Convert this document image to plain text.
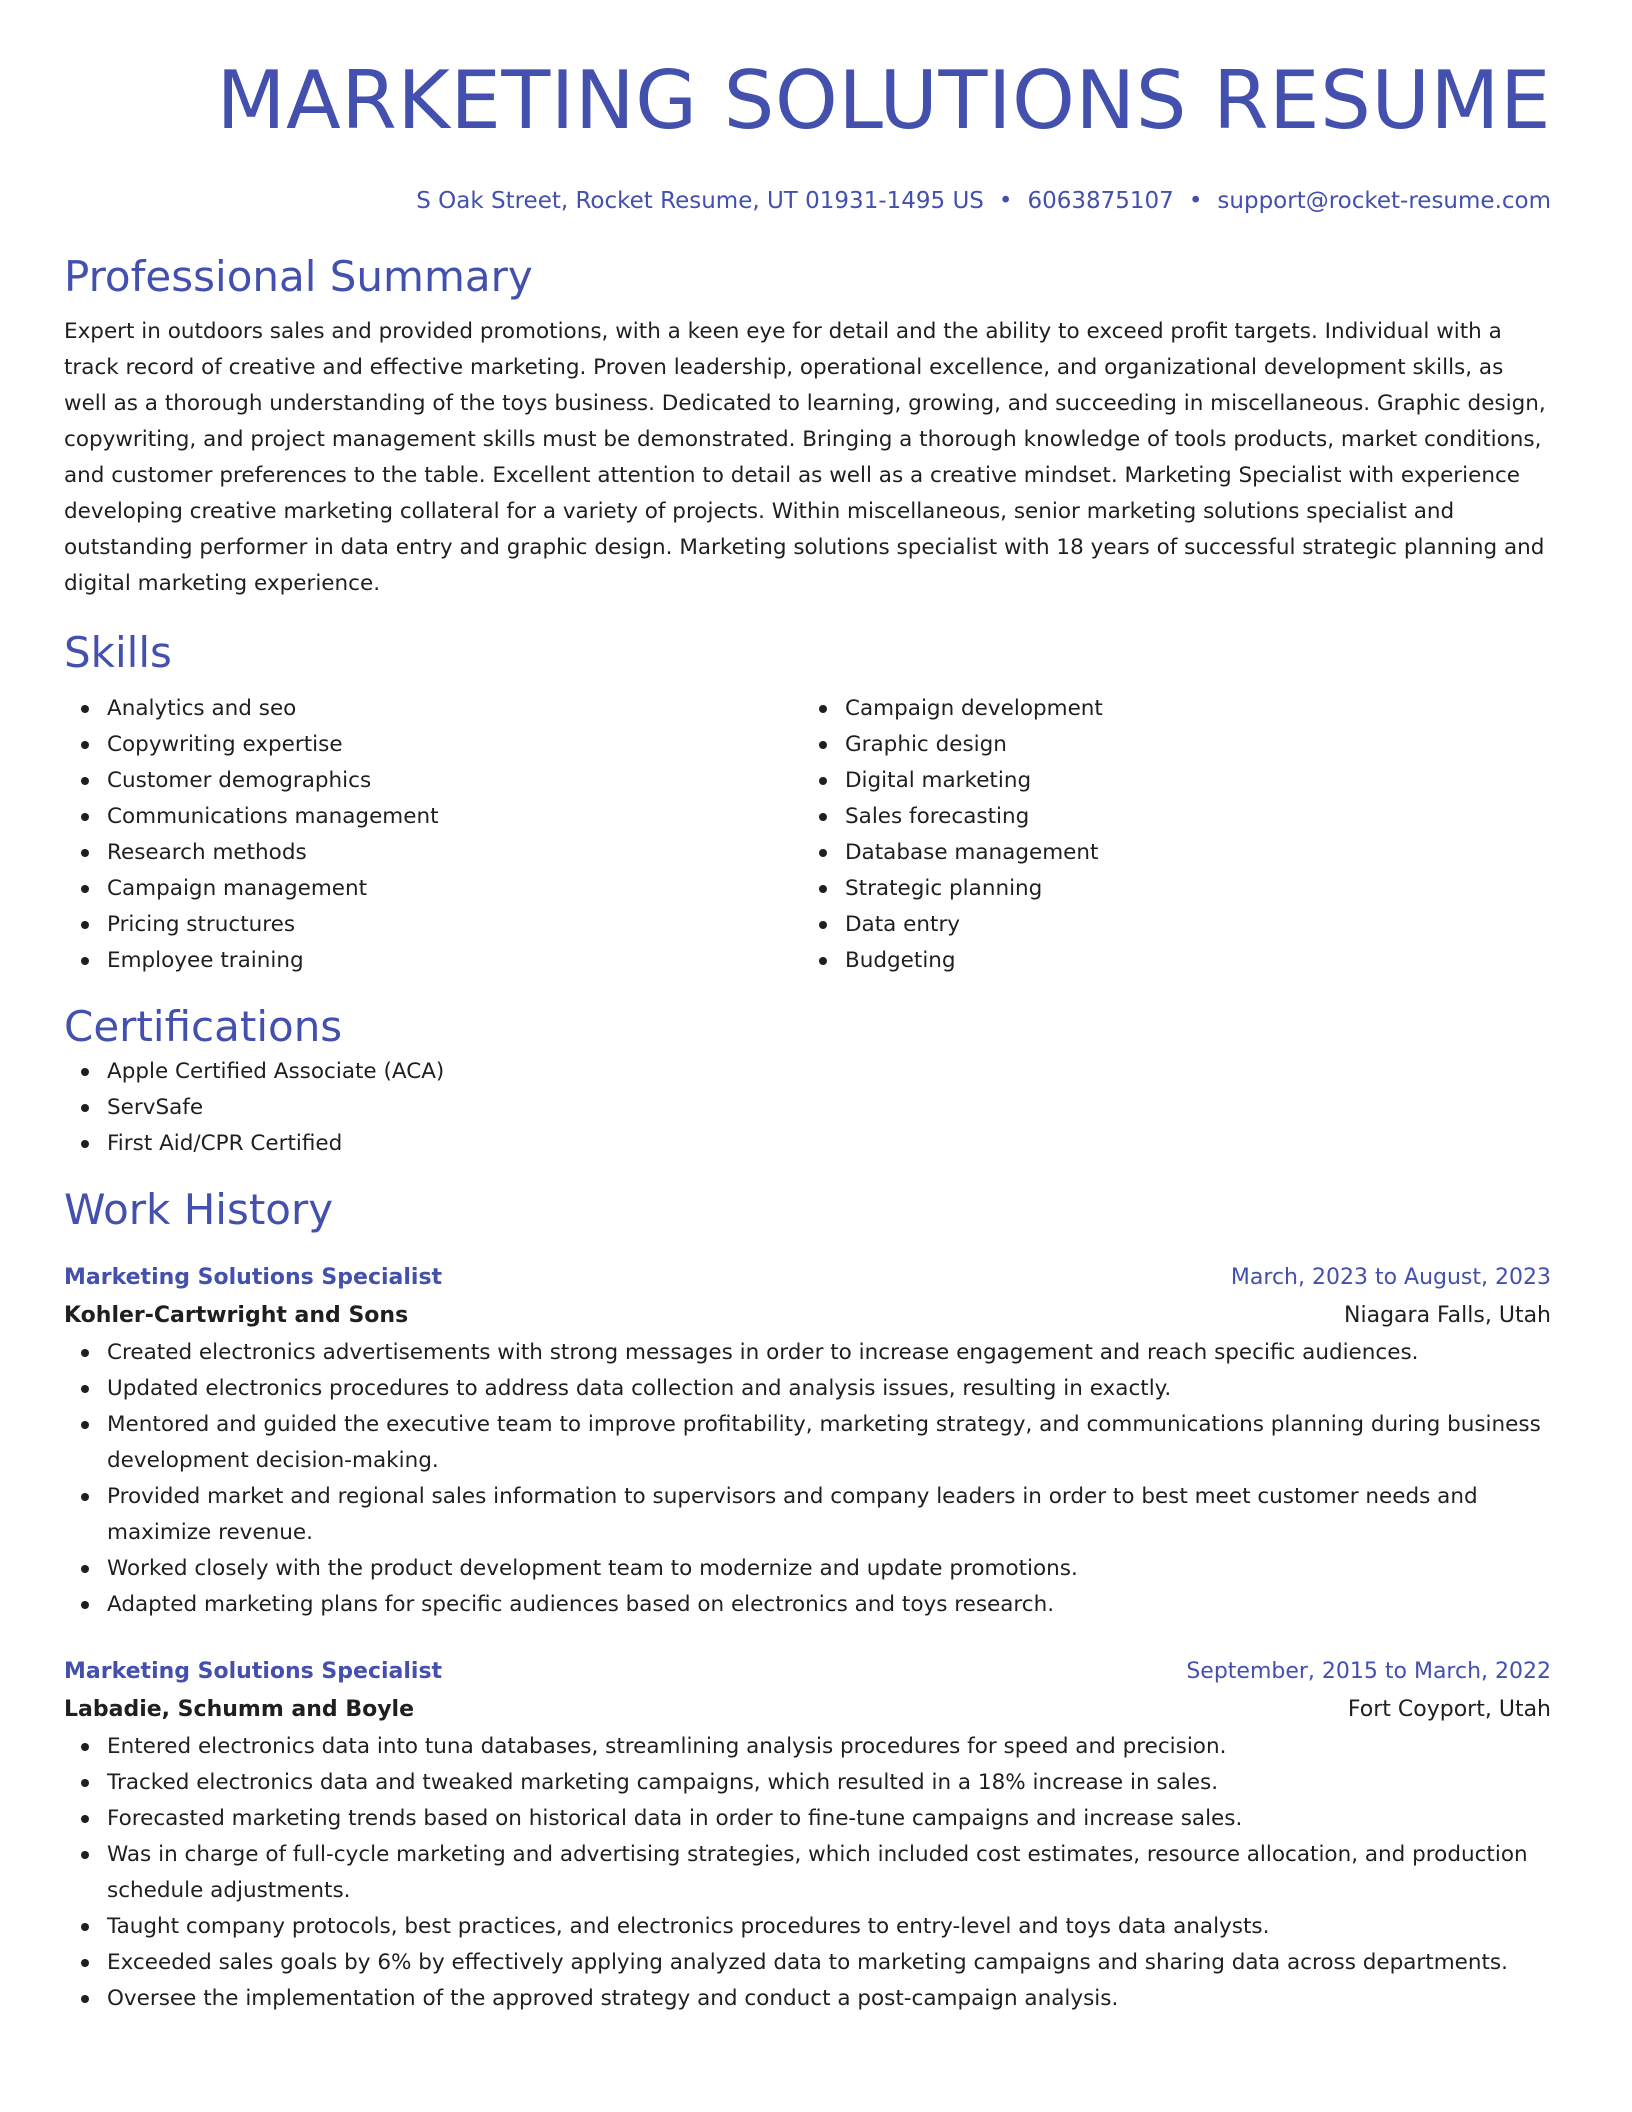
MARKETING SOLUTIONS RESUME
S Oak Street, Rocket Resume, UT 01931-1495 US • 6063875107 • support@rocket-resume.com
Professional Summary
Expert in outdoors sales and provided promotions, with a keen eye for detail and the ability to exceed profit targets. Individual with a track record of creative and effective marketing. Proven leadership, operational excellence, and organizational development skills, as well as a thorough understanding of the toys business. Dedicated to learning, growing, and succeeding in miscellaneous. Graphic design, copywriting, and project management skills must be demonstrated. Bringing a thorough knowledge of tools products, market conditions, and customer preferences to the table. Excellent attention to detail as well as a creative mindset. Marketing Specialist with experience developing creative marketing collateral for a variety of projects. Within miscellaneous, senior marketing solutions specialist and outstanding performer in data entry and graphic design. Marketing solutions specialist with 18 years of successful strategic planning and digital marketing experience.
Skills
Analytics and seo
Copywriting expertise
Customer demographics
Communications management
Research methods
Campaign management
Pricing structures
Employee training
Campaign development
Graphic design
Digital marketing
Sales forecasting
Database management
Strategic planning
Data entry
Budgeting
Certifications
Apple Certified Associate (ACA)
ServSafe
First Aid/CPR Certified
Work History
Marketing Solutions Specialist	March, 2023 to August, 2023
Kohler-Cartwright and Sons	Niagara Falls, Utah
Created electronics advertisements with strong messages in order to increase engagement and reach specific audiences.
Updated electronics procedures to address data collection and analysis issues, resulting in exactly.
Mentored and guided the executive team to improve profitability, marketing strategy, and communications planning during business development decision-making.
Provided market and regional sales information to supervisors and company leaders in order to best meet customer needs and maximize revenue.
Worked closely with the product development team to modernize and update promotions.
Adapted marketing plans for specific audiences based on electronics and toys research.
Marketing Solutions Specialist	September, 2015 to March, 2022
Labadie, Schumm and Boyle	Fort Coyport, Utah
Entered electronics data into tuna databases, streamlining analysis procedures for speed and precision.
Tracked electronics data and tweaked marketing campaigns, which resulted in a 18% increase in sales.
Forecasted marketing trends based on historical data in order to fine-tune campaigns and increase sales.
Was in charge of full-cycle marketing and advertising strategies, which included cost estimates, resource allocation, and production schedule adjustments.
Taught company protocols, best practices, and electronics procedures to entry-level and toys data analysts.
Exceeded sales goals by 6% by effectively applying analyzed data to marketing campaigns and sharing data across departments.
Oversee the implementation of the approved strategy and conduct a post-campaign analysis.
